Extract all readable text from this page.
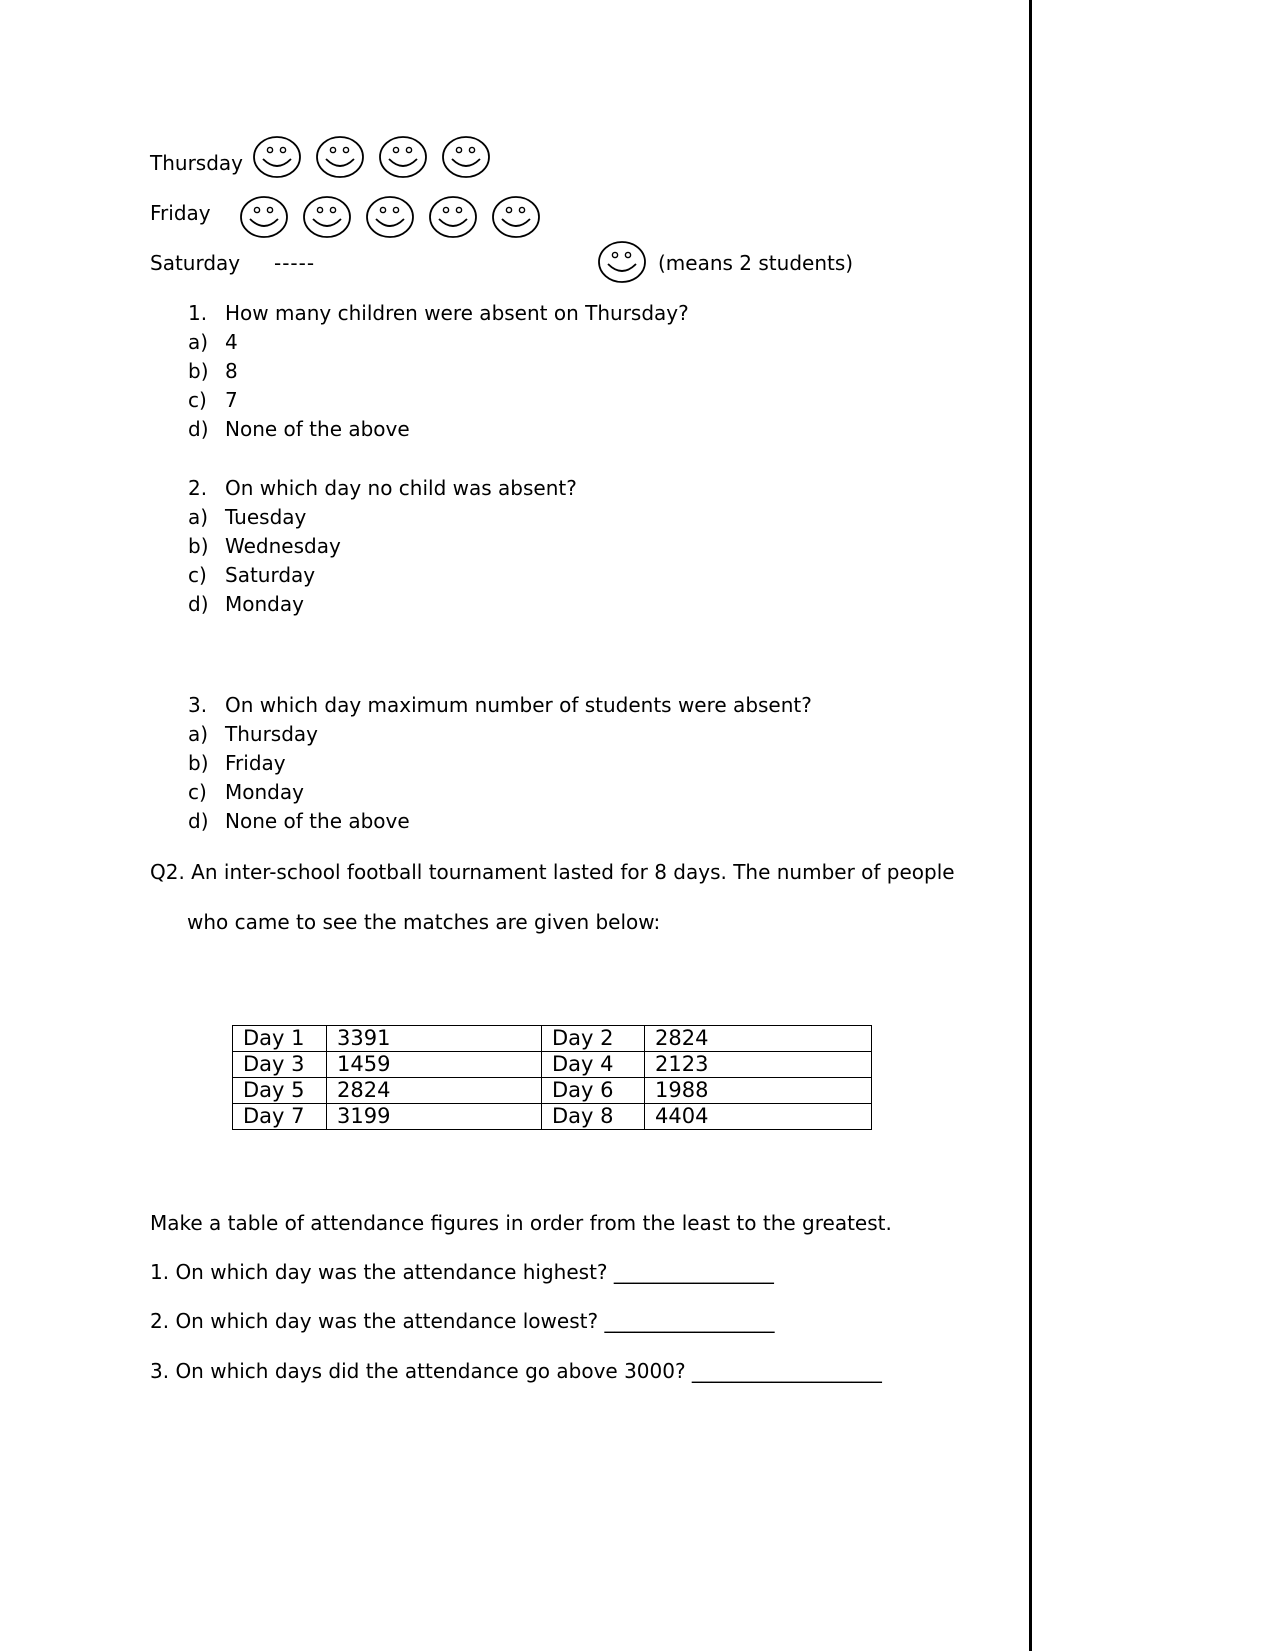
Thursday
Friday
Saturday -----	(means 2 students)
1. How many children were absent on Thursday?
a) 4
b) 8
c) 7
d) None of the above
2. On which day no child was absent?
a) Tuesday
b) Wednesday
c) Saturday
d) Monday
3. On which day maximum number of students were absent?
a) Thursday
b) Friday
c) Monday
d) None of the above
Q2. An inter-school football tournament lasted for 8 days. The number of people
who came to see the matches are given below:
Day 1	3391	Day 2	2824
Day 3	1459	Day 4	2123
Day 5	2824	Day 6	1988
Day 7	3199	Day 8	4404
Make a table of attendance figures in order from the least to the greatest.
1. On which day was the attendance highest? ________________
2. On which day was the attendance lowest? _________________
3. On which days did the attendance go above 3000? ___________________
